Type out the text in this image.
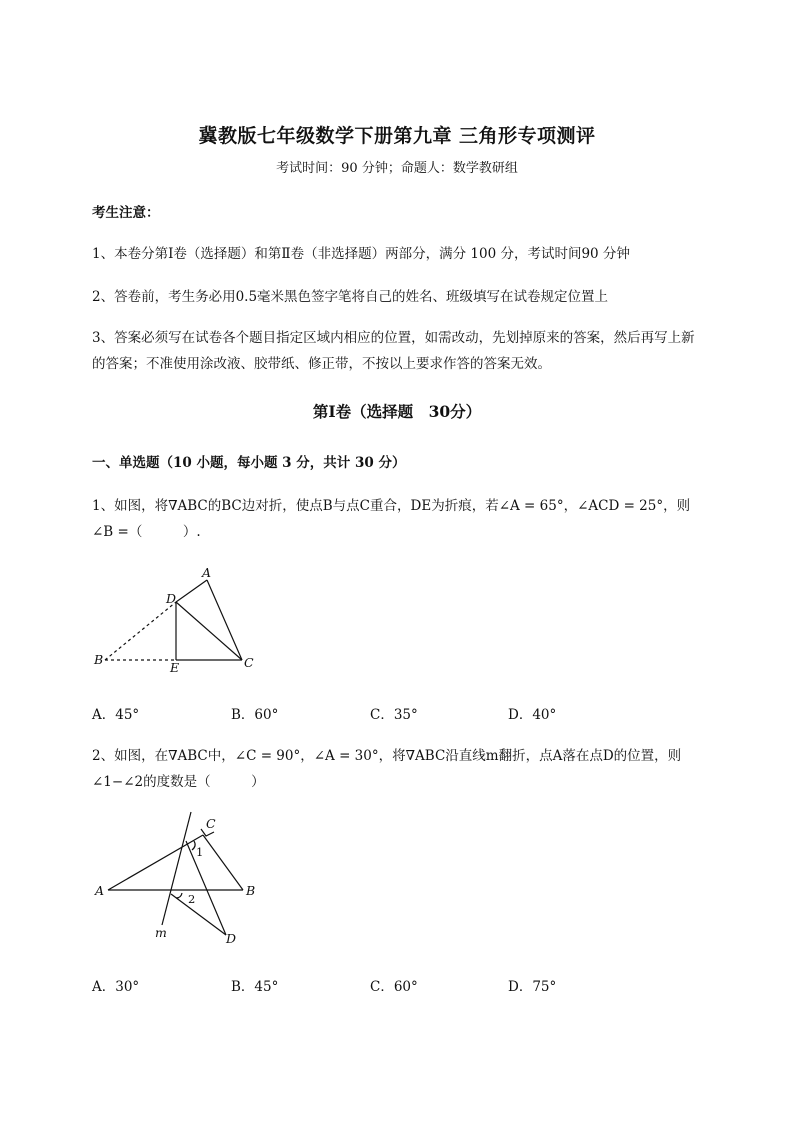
冀教版七年级数学下册第九章 三角形专项测评
考试时间：90 分钟；命题人：数学教研组
考生注意：
1、本卷分第Ⅰ卷（选择题）和第Ⅱ卷（非选择题）两部分，满分 100 分，考试时间90 分钟
2、答卷前，考生务必用0.5毫米黑色签字笔将自己的姓名、班级填写在试卷规定位置上
3、答案必须写在试卷各个题目指定区域内相应的位置，如需改动，先划掉原来的答案，然后再写上新
的答案；不准使用涂改液、胶带纸、修正带，不按以上要求作答的答案无效。
第Ⅰ卷（选择题　30分）
一、单选题（10 小题，每小题 3 分，共计 30 分）
1、如图，将∇ABC的BC边对折，使点B与点C重合，DE为折痕，若∠A = 65°，∠ACD = 25°，则
∠B =（　　　）.
A
D
B
E	C
A．45°	B．60°	C．35°	D．40°
2、如图，在∇ABC中，∠C = 90°，∠A = 30°，将∇ABC沿直线m翻折，点A落在点D的位置，则
∠1−∠2的度数是（　　　）
C
A	B
D
m
1
2
A．30°	B．45°	C．60°	D．75°
